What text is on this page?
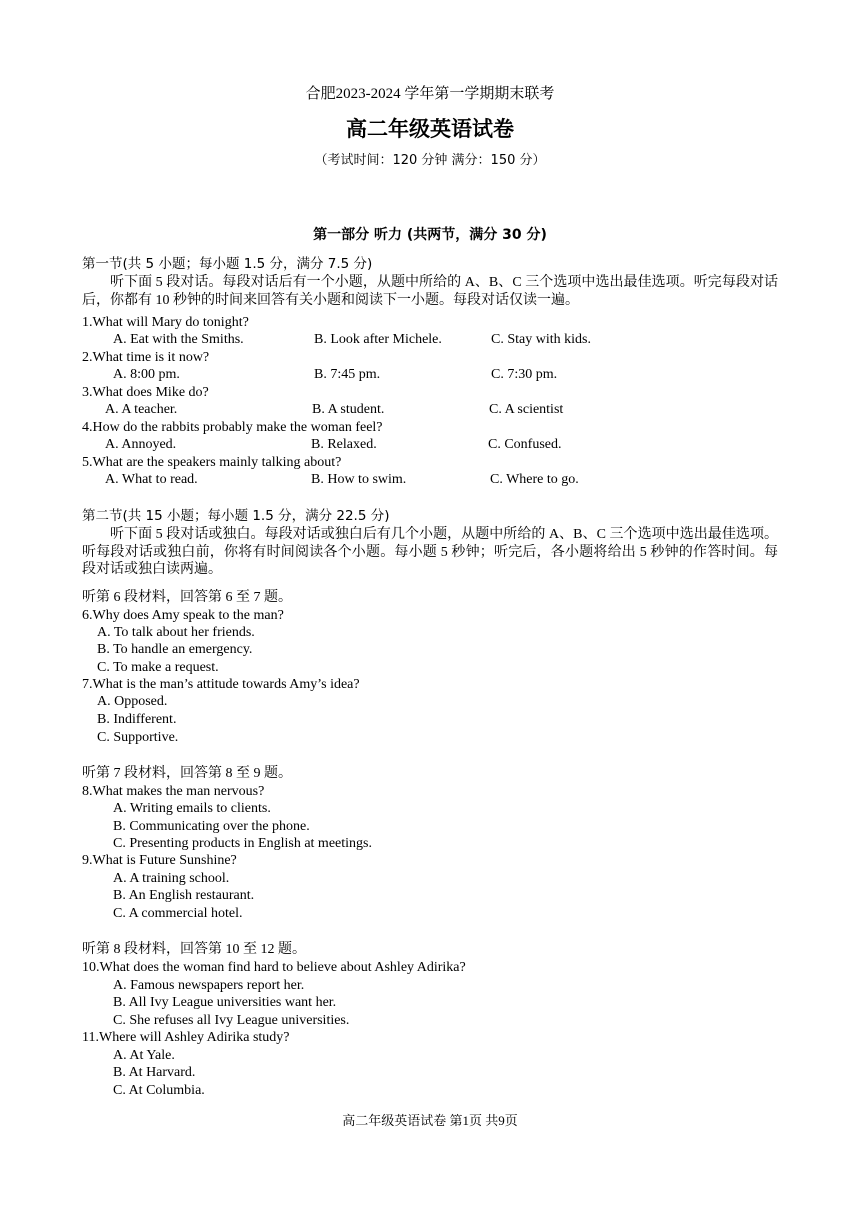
合肥2023-2024 学年第一学期期末联考
高二年级英语试卷
（考试时间：120 分钟 满分：150 分）
第一部分 听力 (共两节，满分 30 分)
第一节(共 5 小题；每小题 1.5 分，满分 7.5 分)
听下面 5 段对话。每段对话后有一个小题，从题中所给的 A、B、C 三个选项中选出最佳选项。听完每段对话后，你都有 10 秒钟的时间来回答有关小题和阅读下一小题。每段对话仅读一遍。
1.What will Mary do tonight?
A. Eat with the Smiths.	B. Look after Michele.	C. Stay with kids.
2.What time is it now?
A. 8:00 pm.	B. 7:45 pm.	C. 7:30 pm.
3.What does Mike do?
A. A teacher.	B. A student.	C. A scientist
4.How do the rabbits probably make the woman feel?
A. Annoyed.	B. Relaxed.	C. Confused.
5.What are the speakers mainly talking about?
A. What to read.	B. How to swim.	C. Where to go.
第二节(共 15 小题；每小题 1.5 分，满分 22.5 分)
听下面 5 段对话或独白。每段对话或独白后有几个小题，从题中所给的 A、B、C 三个选项中选出最佳选项。听每段对话或独白前，你将有时间阅读各个小题。每小题 5 秒钟；听完后，各小题将给出 5 秒钟的作答时间。每段对话或独白读两遍。
听第 6 段材料，回答第 6 至 7 题。
6.Why does Amy speak to the man?
A. To talk about her friends.
B. To handle an emergency.
C. To make a request.
7.What is the man’s attitude towards Amy’s idea?
A. Opposed.
B. Indifferent.
C. Supportive.
听第 7 段材料，回答第 8 至 9 题。
8.What makes the man nervous?
A. Writing emails to clients.
B. Communicating over the phone.
C. Presenting products in English at meetings.
9.What is Future Sunshine?
A. A training school.
B. An English restaurant.
C. A commercial hotel.
听第 8 段材料，回答第 10 至 12 题。
10.What does the woman find hard to believe about Ashley Adirika?
A. Famous newspapers report her.
B. All Ivy League universities want her.
C. She refuses all Ivy League universities.
11.Where will Ashley Adirika study?
A. At Yale.
B. At Harvard.
C. At Columbia.
高二年级英语试卷 第1页 共9页
